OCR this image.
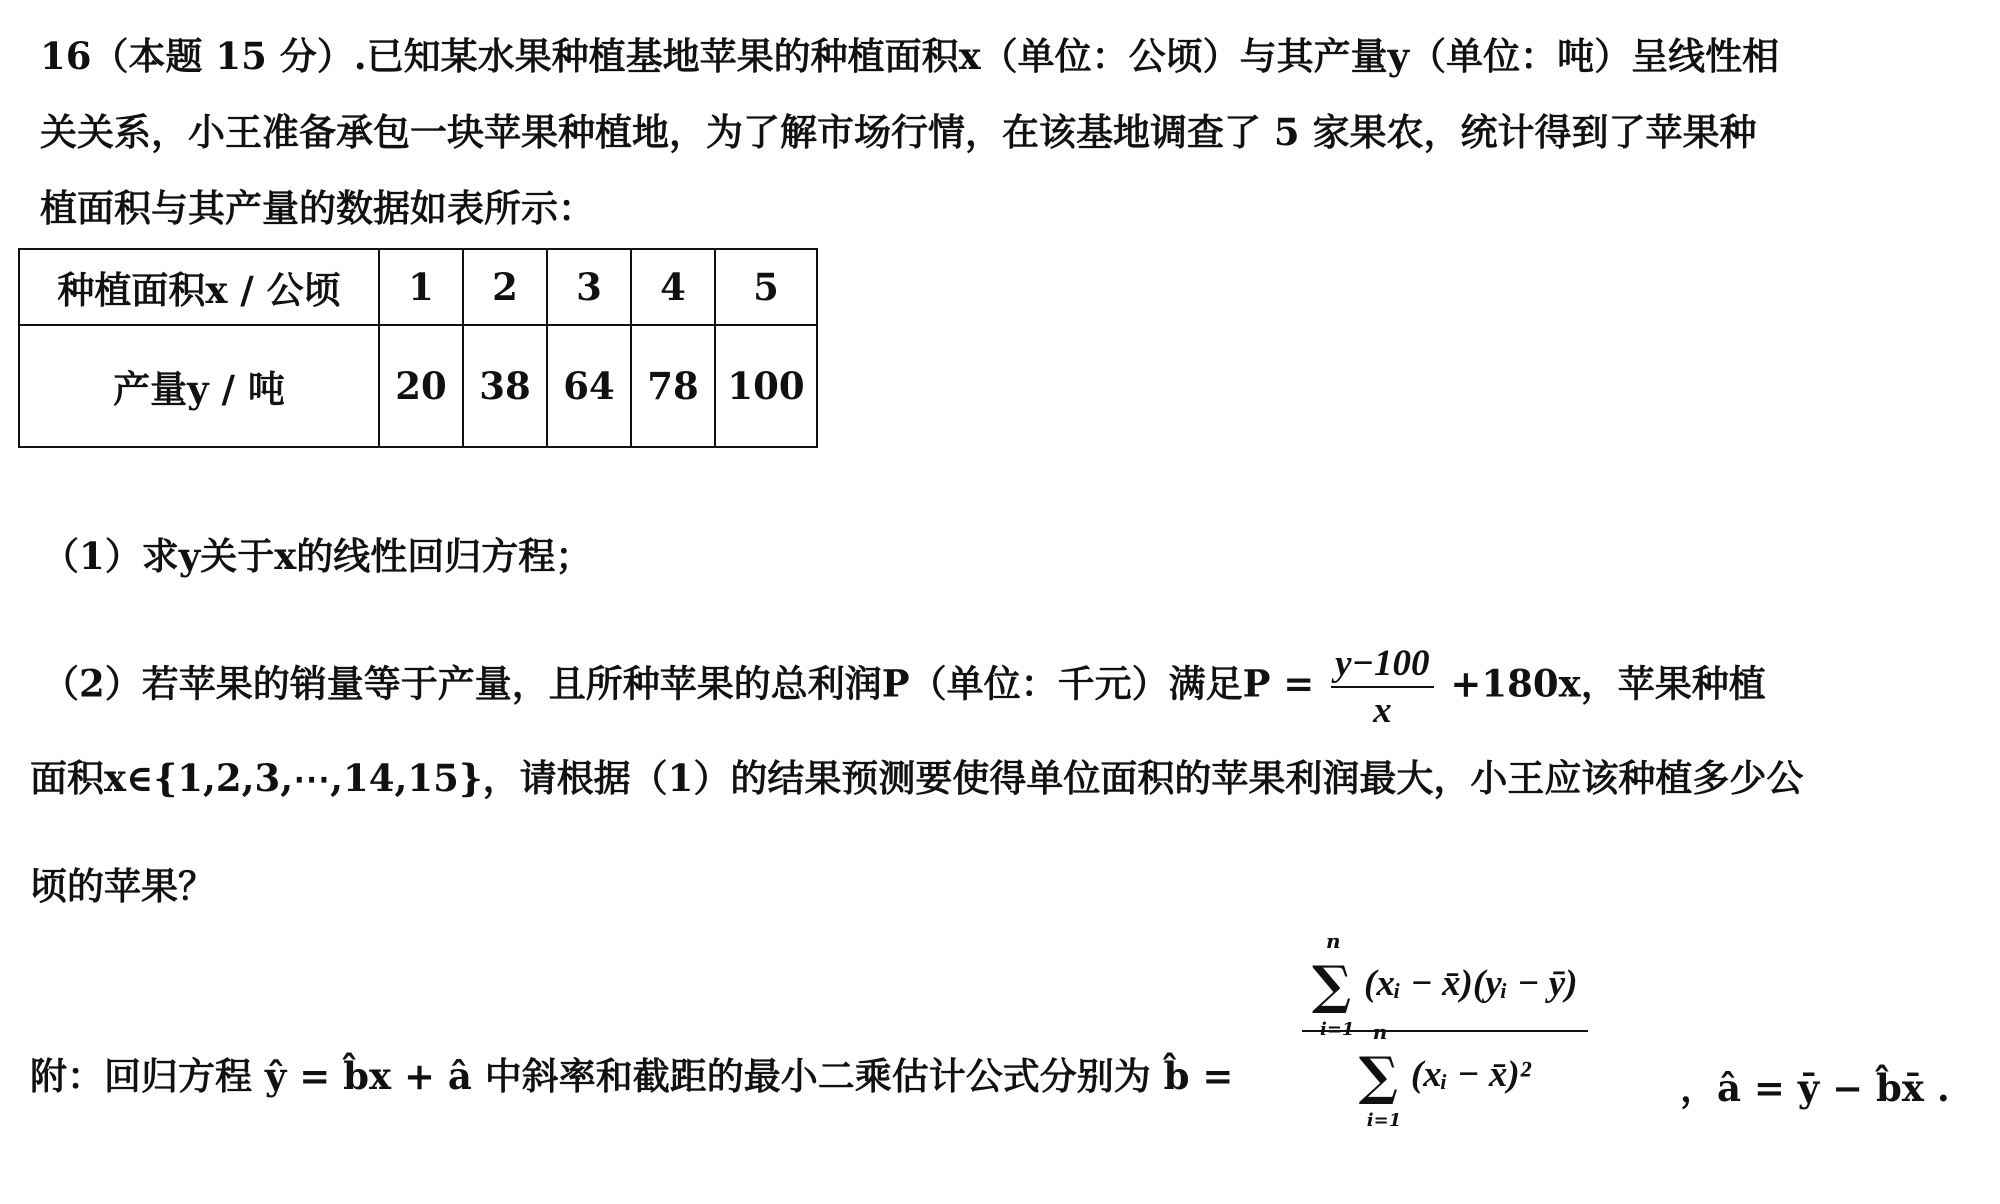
16（本题 15 分）.已知某水果种植基地苹果的种植面积x（单位：公顷）与其产量y（单位：吨）呈线性相
关关系，小王准备承包一块苹果种植地，为了解市场行情，在该基地调查了 5 家果农，统计得到了苹果种
植面积与其产量的数据如表所示：
种植面积x / 公顷	1	2	3	4	5
产量y / 吨	20	38	64	78	100
（1）求y关于x的线性回归方程；
（2）若苹果的销量等于产量，且所种苹果的总利润P（单位：千元）满足$P = \frac{y-100}{x} +180x$，苹果种植
面积x∈{1,2,3,⋯,14,15}，请根据（1）的结果预测要使得单位面积的苹果利润最大，小王应该种植多少公
顷的苹果？
附：回归方程 ŷ = b̂x + â 中斜率和截距的最小二乘估计公式分别为 b̂ = ∑
n
i=1
(xᵢ − x̄)(yᵢ − ȳ)
∑
n
i=1
(xᵢ − x̄)² ，â = ȳ − b̂x̄ .
